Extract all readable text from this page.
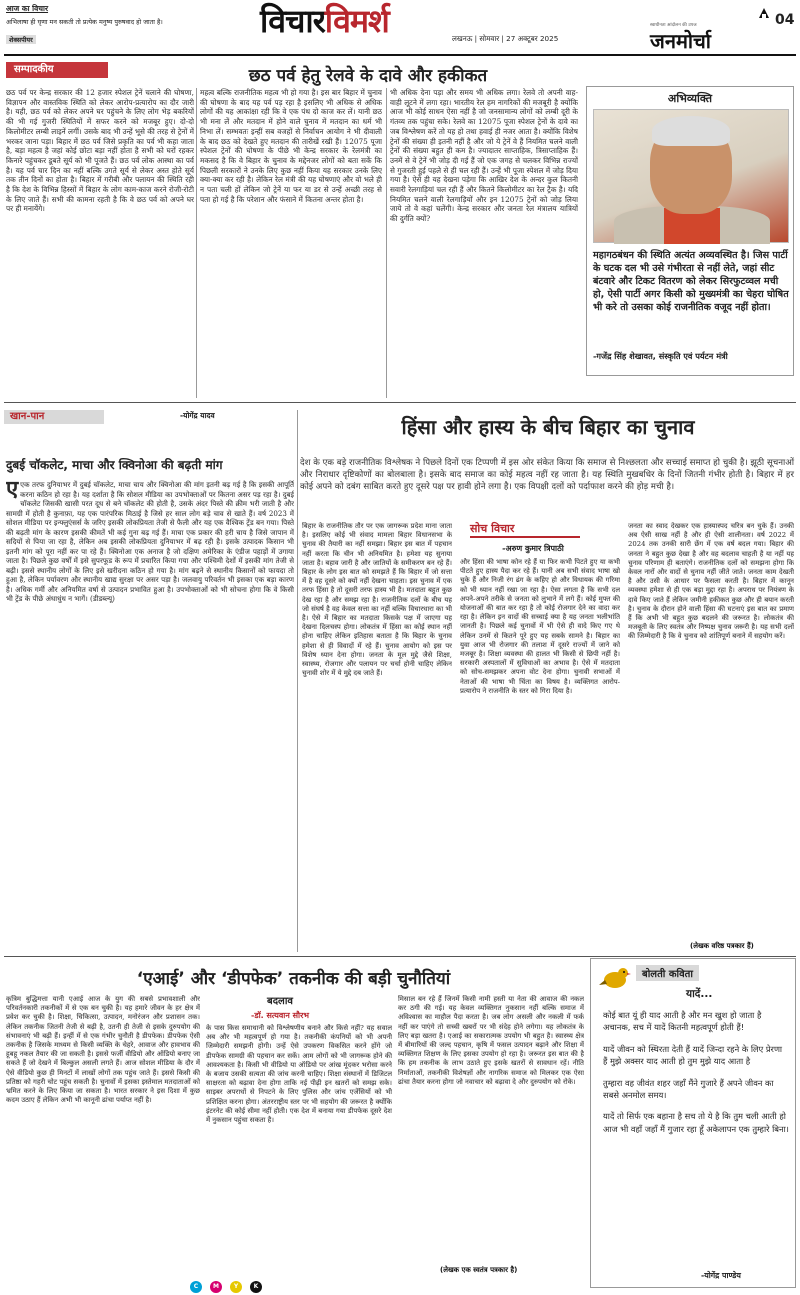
आज का विचार
अभिलाषा ही घृणा मन सकती तो प्रत्येक मनुष्य पुरुषवाद हो जाता है।
शेक्सपीयर	विचारविमर्श	लखनऊ | सोमवार | 27 अक्टूबर 2025
स्वाधीनता आंदोलन की उपज
जनमोर्चा
04
सम्पादकीय	छठ पर्व हेतु रेलवे के दावे और हकीकत
छठ पर्व पर केन्द्र सरकार की 12 हजार स्पेशल ट्रेनें चलाने की घोषणा, विज्ञापन और वास्तविक स्थिति को लेकर आरोप-प्रत्यारोप का दौर जारी है। यही, छठ पर्व को लेकर अपने घर पहुंचने के लिए लोग भेड़ बकरियों की भी गई गुजरी स्थितियों में सफर करने को मजबूर हुए। दो-दो किलोमीटर लम्बी लाइनें लगीं। उसके बाद भी उन्हें भूसे की तरह से ट्रेनों में भरकर जाना पड़ा। बिहार में छठ पर्व जिसे प्रकृति का पर्व भी कहा जाता है, बड़ा महत्व है जहां कोई छोटा बड़ा नहीं होता है सभी को घरों रहकर किनारे पहुंचकर डूबते सूर्य को भी पूजते हैं। छठ पर्व लोक आस्था का पर्व है। यह पर्व चार दिन का नहीं बल्कि उगते सूर्य से लेकर अस्त होते सूर्य तक तीन दिनों का होता है। बिहार में गरीबी और पलायन की स्थिति रही है कि देश के विभिन्न हिस्सों में बिहार के लोग काम-काज करने रोजी-रोटी के लिए जाते हैं। सभी की कामना रहती है कि वे छठ पर्व को अपने घर पर ही मनायेंगे।
महत्व बल्कि राजनीतिक महत्व भी हो गया है। इस बार बिहार में चुनाव की घोषणा के बाद यह पर्व पड़ रहा है इसलिए भी अधिक से अधिक लोगों की यह आकांक्षा रही कि वे एक पंथ दो काज कर लें। यानी छठ भी मना लें और मतदान में होने वाले चुनाव में मतदान का धर्म भी निभा लें। सम्भवतः इन्हीं सब वजहों से निर्वाचन आयोग ने भी दीवाली के बाद छठ को देखते हुए मतदान की तारीखें रखी हैं। 12075 पूजा स्पेशल ट्रेनों की घोषणा के पीछे भी केन्द्र सरकार के रेलमंत्री का मकसद है कि वे बिहार के चुनाव के मद्देनजर लोगों को बता सकें कि पिछली सरकारों ने उनके लिए कुछ नहीं किया यह सरकार उनके लिए क्या-क्या कर रही है। लेकिन रेल मंत्री की यह घोषणाएं और वो भले ही न पता चली हों लेकिन जो ट्रेनें या फर या डर से उन्हें अच्छी तरह से पता हो गई है कि परेशान और फंसाने में कितना अन्तर होता है।
भी अधिक देना पड़ा और समय भी अधिक लगा। रेलवे तो अपनी वाह-वाही लूटने में लगा रहा। भारतीय रेल हम नागरिकों की मजबूरी है क्योंकि आज भी कोई साधन ऐसा नहीं है जो जनसामान्य लोगों को लम्बी दूरी के गंतव्य तक पहुंचा सके। रेलवे का 12075 पूजा स्पेशल ट्रेनों के दावे का जब विश्लेषण करें तो यह हो तथा हवाई ही नजर आता है। क्योंकि विशेष ट्रेनों की संख्या ही इतनी नहीं है और जो ये ट्रेनें वे हैं नियमित चलने वाली ट्रेनों की संख्या बहुत ही कम है। ज्यादातर साप्ताहिक, त्रिसाप्ताहिक हैं। उनमें से वे ट्रेनें भी जोड़ दी गई हैं जो एक जगह से चलकर विभिन्न राज्यों से गुजरती हुई पहले से ही चल रही हैं। उन्हें भी पूजा स्पेशल में जोड़ दिया गया है। ऐसे ही यह देखना पड़ेगा कि आखिर देश के अन्दर कुल कितनी सवारी रेलगाड़ियां चल रही हैं और कितने किलोमीटर का रेल ट्रैक है। यदि नियमित चलने वाली रेलगाड़ियों और इन 12075 ट्रेनों को जोड़ लिया जाये तो वे कहां चलेंगी। केन्द्र सरकार और जनता रेल मंत्रालय यात्रियों की दुर्गति क्यों?
अभिव्यक्ति
महागठबंधन की स्थिति अत्यंत अव्यवस्थित है। जिस पार्टी के घटक दल भी उसे गंभीरता से नहीं लेते, जहां सीट बंटवारे और टिकट वितरण को लेकर सिरफुटव्वल मची हो, ऐसी पार्टी अगर किसी को मुख्यमंत्री का चेहरा घोषित भी करे तो उसका कोई राजनीतिक वजूद नहीं होता।
-गजेंद्र सिंह शेखावत, संस्कृति एवं पर्यटन मंत्री
खान-पान	-योगेंद्र यादव
दुबई चॉकलेट, माचा और क्विनोआ की बढ़ती मांग
एएक तरफ दुनियाभर में दुबई चॉकलेट, माचा चाय और क्विनोआ की मांग इतनी बढ़ गई है कि इसकी आपूर्ति करना कठिन हो रहा है। यह दर्शाता है कि सोशल मीडिया का उपभोक्ताओं पर कितना असर पड़ रहा है। दुबई चॉकलेट जिसकी खासी परत दूध से बने चॉकलेट की होती है, उसके अंदर पिस्ते की क्रीम भरी जाती है और सामग्री में होती है कुनाफ़ा, यह एक पारंपरिक मिठाई है जिसे हर साल लोग बड़े चाव से खाते हैं। वर्ष 2023 में सोशल मीडिया पर इन्फ्लुएंसर्स के जरिए इसकी लोकप्रियता तेजी से फैली और यह एक वैश्विक ट्रेंड बन गया। पिस्ते की बढ़ती मांग के कारण इसकी कीमतें भी कई गुना बढ़ गई हैं। माचा एक प्रकार की हरी चाय है जिसे जापान में सदियों से पिया जा रहा है, लेकिन अब इसकी लोकप्रियता दुनियाभर में बढ़ रही है। इसके उत्पादक किसान भी इतनी मांग को पूरा नहीं कर पा रहे हैं। क्विनोआ एक अनाज है जो दक्षिण अमेरिका के एंडीज पहाड़ों में उगाया जाता है। पिछले कुछ वर्षों में इसे सुपरफूड के रूप में प्रचारित किया गया और पश्चिमी देशों में इसकी मांग तेजी से बढ़ी। इससे स्थानीय लोगों के लिए इसे खरीदना कठिन हो गया है। मांग बढ़ने से स्थानीय किसानों को फायदा तो हुआ है, लेकिन पर्यावरण और स्थानीय खाद्य सुरक्षा पर असर पड़ा है। जलवायु परिवर्तन भी इसका एक बड़ा कारण है। अधिक गर्मी और अनियमित वर्षा से उत्पादन प्रभावित हुआ है। उपभोक्ताओं को भी सोचना होगा कि वे किसी भी ट्रेंड के पीछे अंधाधुंध न भागें। (डीडब्ल्यू)
हिंसा और हास्य के बीच बिहार का चुनाव
देश के एक बड़े राजनीतिक विश्लेषक ने पिछले दिनों एक टिप्पणी में इस ओर संकेत किया कि समाज से निश्छलता और सच्चाई समाप्त हो चुकी है। झूठी सूचनाओं और निराधार दृष्टिकोणों का बोलबाला है। इसके बाद समाज का कोई महत्व नहीं रह जाता है। यह स्थिति मुखबधिर के दिनों जितनी गंभीर होती है। बिहार में हर कोई अपने को दबंग साबित करते हुए दूसरे पक्ष पर हावी होने लगा है। एक विपक्षी दलों को पर्दाफाश करने की होड़ मची है।
सोच विचार
-अरुण कुमार त्रिपाठी
बिहार के राजनीतिक तौर पर एक जागरूक प्रदेश माना जाता है। इसलिए कोई भी संवाद मामला बिहार विधानसभा के चुनाव की तैयारी का नहीं समझा। बिहार इस बात में पहचान नहीं करता कि चीन भी अनियमित है। हमेशा यह सुनाया जाता है। बहाव जारी है और जातियों के समीकरण बन रहे हैं। बिहार के लोग इस बात को समझते हैं कि बिहार में जो सत्ता में है वह दूसरे को क्यों नहीं देखना चाहता। इस चुनाव में एक तरफ हिंसा है तो दूसरी तरफ हास्य भी है। मतदाता बहुत कुछ देख रहा है और समझ रहा है। राजनीतिक दलों के बीच यह जो संघर्ष है वह केवल सत्ता का नहीं बल्कि विचारधारा का भी है। ऐसे में बिहार का मतदाता किसके पक्ष में जाएगा यह देखना दिलचस्प होगा। लोकतंत्र में हिंसा का कोई स्थान नहीं होना चाहिए लेकिन इतिहास बताता है कि बिहार के चुनाव हमेशा से ही विवादों में रहे हैं। चुनाव आयोग को इस पर विशेष ध्यान देना होगा। जनता के मूल मुद्दे जैसे शिक्षा, स्वास्थ्य, रोजगार और पलायन पर चर्चा होनी चाहिए लेकिन चुनावी शोर में ये मुद्दे दब जाते हैं।
और हिंसा की भाषा कोन रहे हैं या फिर कभी पिटते हुए या कभी पीटते हुए हास्य पैदा कर रहे हैं। यानी अब सभी संवाद भाषा खो चुके हैं और निजी रंग ढंग के कहिए हो और विधायक की गरिमा को भी ध्यान नहीं रखा जा रहा है। ऐसा लगता है कि सभी दल अपने-अपने तरीके से जनता को लुभाने में लगे हैं। कोई मुफ्त की योजनाओं की बात कर रहा है तो कोई रोजगार देने का वादा कर रहा है। लेकिन इन वादों की सच्चाई क्या है यह जनता भलीभांति जानती है। पिछले कई चुनावों में भी ऐसे ही वादे किए गए थे लेकिन उनमें से कितने पूरे हुए यह सबके सामने है। बिहार का युवा आज भी रोजगार की तलाश में दूसरे राज्यों में जाने को मजबूर है। शिक्षा व्यवस्था की हालत भी किसी से छिपी नहीं है। सरकारी अस्पतालों में सुविधाओं का अभाव है। ऐसे में मतदाता को सोच-समझकर अपना वोट देना होगा। चुनावी सभाओं में नेताओं की भाषा भी चिंता का विषय है। व्यक्तिगत आरोप-प्रत्यारोप ने राजनीति के स्तर को गिरा दिया है।
जनता का स्वाद देखकर एक हास्यास्पद चरित्र बन चुके हैं। उनकी अब ऐसी साख नहीं है और ही ऐसी शालीनता। वर्ष 2022 में 2024 तक उनकी सारी छेंग में एक वर्ष बदल गया। बिहार की जनता ने बहुत कुछ देखा है और वह बदलाव चाहती है या नहीं यह चुनाव परिणाम ही बताएंगे। राजनीतिक दलों को समझना होगा कि केवल नारों और वादों से चुनाव नहीं जीते जाते। जनता काम देखती है और उसी के आधार पर फैसला करती है। बिहार में कानून व्यवस्था हमेशा से ही एक बड़ा मुद्दा रहा है। अपराध पर नियंत्रण के दावे किए जाते हैं लेकिन जमीनी हकीकत कुछ और ही बयान करती है। चुनाव के दौरान होने वाली हिंसा की घटनाएं इस बात का प्रमाण हैं कि अभी भी बहुत कुछ बदलने की जरूरत है। लोकतंत्र की मजबूती के लिए स्वतंत्र और निष्पक्ष चुनाव जरूरी है। यह सभी दलों की जिम्मेदारी है कि वे चुनाव को शांतिपूर्ण बनाने में सहयोग करें।
(लेखक वरिष्ठ पत्रकार हैं)
‘एआई’ और ‘डीपफेक’ तकनीक की बड़ी चुनौतियां
बदलाव
-डॉ. सत्यवान सौरभ
कृत्रिम बुद्धिमत्ता यानी एआई आज के युग की सबसे प्रभावशाली और परिवर्तनकारी तकनीकों में से एक बन चुकी है। यह हमारे जीवन के हर क्षेत्र में प्रवेश कर चुकी है। शिक्षा, चिकित्सा, उत्पादन, मनोरंजन और प्रशासन तक। लेकिन तकनीक जितनी तेजी से बढ़ी है, उतनी ही तेजी से इसके दुरुपयोग की संभावनाएं भी बढ़ी हैं। इन्हीं में से एक गंभीर चुनौती है डीपफेक। डीपफेक ऐसी तकनीक है जिसके माध्यम से किसी व्यक्ति के चेहरे, आवाज और हावभाव की हूबहू नकल तैयार की जा सकती है। इससे फर्जी वीडियो और ऑडियो बनाए जा सकते हैं जो देखने में बिल्कुल असली लगते हैं। आज सोशल मीडिया के दौर में ऐसे वीडियो कुछ ही मिनटों में लाखों लोगों तक पहुंच जाते हैं। इससे किसी की प्रतिष्ठा को गहरी चोट पहुंच सकती है। चुनावों में इसका इस्तेमाल मतदाताओं को भ्रमित करने के लिए किया जा सकता है। भारत सरकार ने इस दिशा में कुछ कदम उठाए हैं लेकिन अभी भी कानूनी ढांचा पर्याप्त नहीं है।
के पास किस समाधानी को विश्लेषणीय बनाने और किसे नहीं? यह सवाल अब और भी महत्वपूर्ण हो गया है। तकनीकी कंपनियों को भी अपनी जिम्मेदारी समझनी होगी। उन्हें ऐसे उपकरण विकसित करने होंगे जो डीपफेक सामग्री की पहचान कर सकें। आम लोगों को भी जागरूक होने की आवश्यकता है। किसी भी वीडियो या ऑडियो पर आंख मूंदकर भरोसा करने के बजाय उसकी सत्यता की जांच करनी चाहिए। शिक्षा संस्थानों में डिजिटल साक्षरता को बढ़ावा देना होगा ताकि नई पीढ़ी इन खतरों को समझ सके। साइबर अपराधों से निपटने के लिए पुलिस और जांच एजेंसियों को भी प्रशिक्षित करना होगा। अंतरराष्ट्रीय स्तर पर भी सहयोग की जरूरत है क्योंकि इंटरनेट की कोई सीमा नहीं होती। एक देश में बनाया गया डीपफेक दूसरे देश में नुकसान पहुंचा सकता है।
मिसाल बन रहे हैं जिनमें किसी नामी हस्ती या नेता की आवाज की नकल कर ठगी की गई। यह केवल व्यक्तिगत नुकसान नहीं बल्कि समाज में अविश्वास का माहौल पैदा करता है। जब लोग असली और नकली में फर्क नहीं कर पाएंगे तो सच्ची खबरों पर भी संदेह होने लगेगा। यह लोकतंत्र के लिए बड़ा खतरा है। एआई का सकारात्मक उपयोग भी बहुत है। स्वास्थ्य क्षेत्र में बीमारियों की जल्द पहचान, कृषि में फसल उत्पादन बढ़ाने और शिक्षा में व्यक्तिगत शिक्षण के लिए इसका उपयोग हो रहा है। जरूरत इस बात की है कि हम तकनीक के लाभ उठाते हुए इसके खतरों से सावधान रहें। नीति निर्माताओं, तकनीकी विशेषज्ञों और नागरिक समाज को मिलकर एक ऐसा ढांचा तैयार करना होगा जो नवाचार को बढ़ावा दे और दुरुपयोग को रोके।
(लेखक एक स्वतंत्र पत्रकार है)
बोलती कविता
यादें...

कोई बात यूं ही याद आती है और मन खुश हो जाता है अचानक, सच में यादें कितनी महत्वपूर्ण होती हैं!

यादें जीवन को स्थिरता देती हैं यादें जिन्दा रहने के लिए प्रेरणा हैं मुझे अक्सर याद आती हो तुम मुझे याद आता है

तुम्हारा वह जीवंत शहर जहाँ मैंने गुजारे हैं अपने जीवन का सबसे अनमोल समय।

यादें तो सिर्फ एक बहाना है सच तो ये है कि तुम चली आती हो आज भी वहाँ जहाँ मैं गुजार रहा हूँ अकेलापन एक तुम्हारे बिना।

-योगेंद्र पाण्डेय
C	M	Y	K
